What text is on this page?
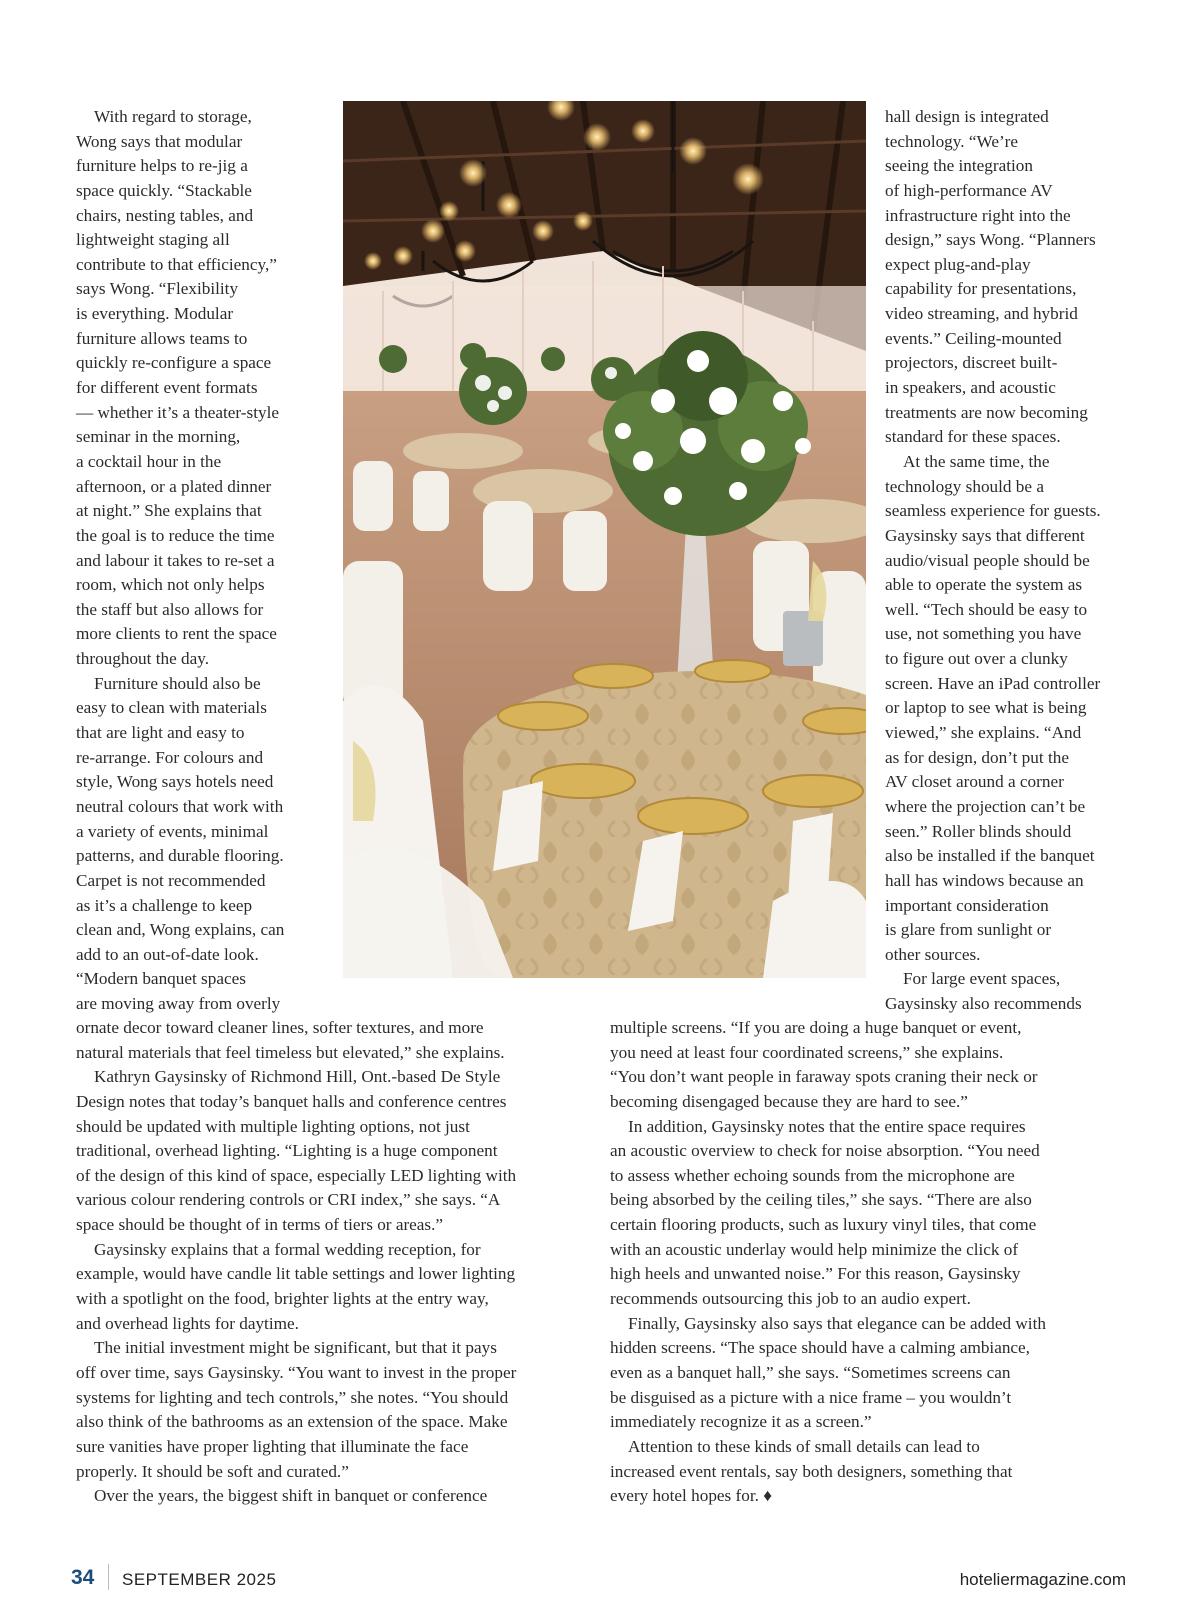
With regard to storage,
Wong says that modular
furniture helps to re-jig a
space quickly. “Stackable
chairs, nesting tables, and
lightweight staging all
contribute to that efficiency,”
says Wong. “Flexibility
is everything. Modular
furniture allows teams to
quickly re-configure a space
for different event formats
— whether it’s a theater-style
seminar in the morning,
a cocktail hour in the
afternoon, or a plated dinner
at night.” She explains that
the goal is to reduce the time
and labour it takes to re-set a
room, which not only helps
the staff but also allows for
more clients to rent the space
throughout the day.
Furniture should also be
easy to clean with materials
that are light and easy to
re-arrange. For colours and
style, Wong says hotels need
neutral colours that work with
a variety of events, minimal
patterns, and durable flooring.
Carpet is not recommended
as it’s a challenge to keep
clean and, Wong explains, can
add to an out-of-date look.
“Modern banquet spaces
are moving away from overly
hall design is integrated
technology. “We’re
seeing the integration
of high-performance AV
infrastructure right into the
design,” says Wong. “Planners
expect plug-and-play
capability for presentations,
video streaming, and hybrid
events.” Ceiling-mounted
projectors, discreet built-
in speakers, and acoustic
treatments are now becoming
standard for these spaces.
At the same time, the
technology should be a
seamless experience for guests.
Gaysinsky says that different
audio/visual people should be
able to operate the system as
well. “Tech should be easy to
use, not something you have
to figure out over a clunky
screen. Have an iPad controller
or laptop to see what is being
viewed,” she explains. “And
as for design, don’t put the
AV closet around a corner
where the projection can’t be
seen.” Roller blinds should
also be installed if the banquet
hall has windows because an
important consideration
is glare from sunlight or
other sources.
For large event spaces,
Gaysinsky also recommends
ornate decor toward cleaner lines, softer textures, and more
natural materials that feel timeless but elevated,” she explains.
Kathryn Gaysinsky of Richmond Hill, Ont.-based De Style
Design notes that today’s banquet halls and conference centres
should be updated with multiple lighting options, not just
traditional, overhead lighting. “Lighting is a huge component
of the design of this kind of space, especially LED lighting with
various colour rendering controls or CRI index,” she says. “A
space should be thought of in terms of tiers or areas.”
Gaysinsky explains that a formal wedding reception, for
example, would have candle lit table settings and lower lighting
with a spotlight on the food, brighter lights at the entry way,
and overhead lights for daytime.
The initial investment might be significant, but that it pays
off over time, says Gaysinsky. “You want to invest in the proper
systems for lighting and tech controls,” she notes. “You should
also think of the bathrooms as an extension of the space. Make
sure vanities have proper lighting that illuminate the face
properly. It should be soft and curated.”
Over the years, the biggest shift in banquet or conference
multiple screens. “If you are doing a huge banquet or event,
you need at least four coordinated screens,” she explains.
“You don’t want people in faraway spots craning their neck or
becoming disengaged because they are hard to see.”
In addition, Gaysinsky notes that the entire space requires
an acoustic overview to check for noise absorption. “You need
to assess whether echoing sounds from the microphone are
being absorbed by the ceiling tiles,” she says. “There are also
certain flooring products, such as luxury vinyl tiles, that come
with an acoustic underlay would help minimize the click of
high heels and unwanted noise.” For this reason, Gaysinsky
recommends outsourcing this job to an audio expert.
Finally, Gaysinsky also says that elegance can be added with
hidden screens. “The space should have a calming ambiance,
even as a banquet hall,” she says. “Sometimes screens can
be disguised as a picture with a nice frame – you wouldn’t
immediately recognize it as a screen.”
Attention to these kinds of small details can lead to
increased event rentals, say both designers, something that
every hotel hopes for. ♦
34 SEPTEMBER 2025	hoteliermagazine.com
